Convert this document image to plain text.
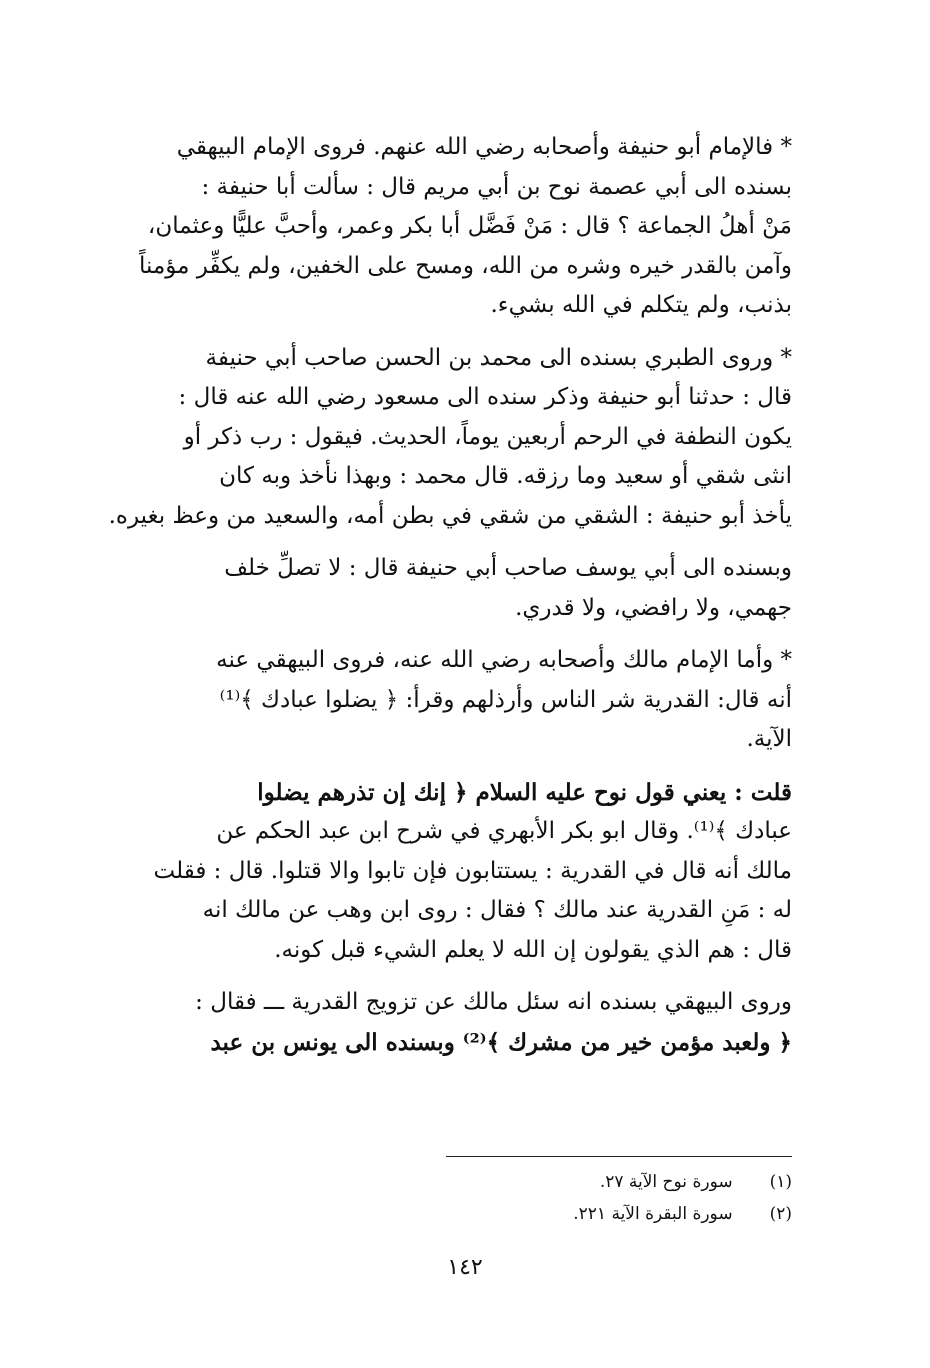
* فالإمام أبو حنيفة وأصحابه رضي الله عنهم. فروى الإمام البيهقي
بسنده الى أبي عصمة نوح بن أبي مريم قال : سألت أبا حنيفة :
مَنْ أهلُ الجماعة ؟ قال : مَنْ فَضَّل أبا بكر وعمر، وأحبَّ عليًّا وعثمان،
وآمن بالقدر خيره وشره من الله، ومسح على الخفين، ولم يكفِّر مؤمناً
بذنب، ولم يتكلم في الله بشيء.
* وروى الطبري بسنده الى محمد بن الحسن صاحب أبي حنيفة
قال : حدثنا أبو حنيفة وذكر سنده الى مسعود رضي الله عنه قال :
يكون النطفة في الرحم أربعين يوماً، الحديث. فيقول : رب ذكر أو
انثى شقي أو سعيد وما رزقه. قال محمد : وبهذا نأخذ وبه كان
يأخذ أبو حنيفة : الشقي من شقي في بطن أمه، والسعيد من وعظ بغيره.
وبسنده الى أبي يوسف صاحب أبي حنيفة قال : لا تصلِّ خلف
جهمي، ولا رافضي، ولا قدري.
* وأما الإمام مالك وأصحابه رضي الله عنه، فروى البيهقي عنه
أنه قال: القدرية شر الناس وأرذلهم وقرأ: ﴿ يضلوا عبادك ﴾⁽¹⁾
الآية.
قلت : يعني قول نوح عليه السلام ﴿ إنك إن تذرهم يضلوا
عبادك ﴾⁽¹⁾. وقال ابو بكر الأبهري في شرح ابن عبد الحكم عن
مالك أنه قال في القدرية : يستتابون فإن تابوا والا قتلوا. قال : فقلت
له : مَنِ القدرية عند مالك ؟ فقال : روى ابن وهب عن مالك انه
قال : هم الذي يقولون إن الله لا يعلم الشيء قبل كونه.
وروى البيهقي بسنده انه سئل مالك عن تزويج القدرية ـــ فقال :
﴿ ولعبد مؤمن خير من مشرك ﴾⁽²⁾ وبسنده الى يونس بن عبد
(١) سورة نوح الآية ٢٧.
(٢) سورة البقرة الآية ٢٢١.
١٤٢
